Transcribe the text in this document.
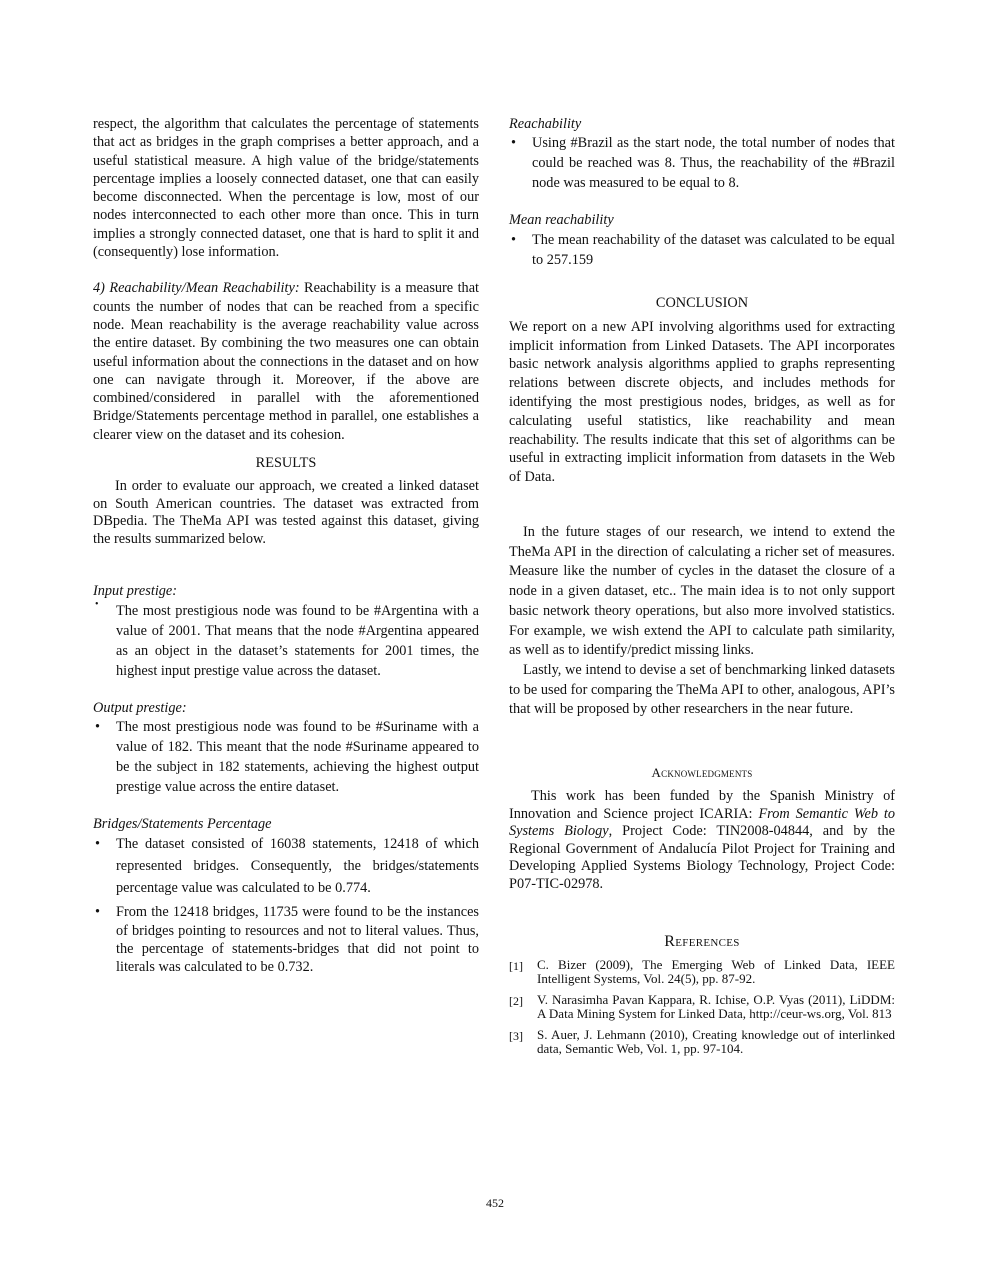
respect, the algorithm that calculates the percentage of statements that act as bridges in the graph comprises a better approach, and a useful statistical measure. A high value of the bridge/statements percentage implies a loosely connected dataset, one that can easily become disconnected. When the percentage is low, most of our nodes interconnected to each other more than once. This in turn implies a strongly connected dataset, one that is hard to split it and (consequently) lose information.

4) Reachability/Mean Reachability: Reachability is a measure that counts the number of nodes that can be reached from a specific node. Mean reachability is the average reachability value across the entire dataset. By combining the two measures one can obtain useful information about the connections in the dataset and on how one can navigate through it. Moreover, if the above are combined/considered in parallel with the aforementioned Bridge/Statements percentage method in parallel, one establishes a clearer view on the dataset and its cohesion.

RESULTS

In order to evaluate our approach, we created a linked dataset on South American countries. The dataset was extracted from DBpedia. The TheMa API was tested against this dataset, giving the results summarized below.

Input prestige:

• The most prestigious node was found to be #Argentina with a value of 2001. That means that the node #Argentina appeared as an object in the dataset’s statements for 2001 times, the highest input prestige value across the dataset.

Output prestige:

• The most prestigious node was found to be #Suriname with a value of 182. This meant that the node #Suriname appeared to be the subject in 182 statements, achieving the highest output prestige value across the entire dataset.

Bridges/Statements Percentage

• The dataset consisted of 16038 statements, 12418 of which represented bridges. Consequently, the bridges/statements percentage value was calculated to be 0.774.
• From the 12418 bridges, 11735 were found to be the instances of bridges pointing to resources and not to literal values. Thus, the percentage of statements-bridges that did not point to literals was calculated to be 0.732.

Reachability

• Using #Brazil as the start node, the total number of nodes that could be reached was 8. Thus, the reachability of the #Brazil node was measured to be equal to 8.

Mean reachability

• The mean reachability of the dataset was calculated to be equal to 257.159

CONCLUSION

We report on a new API involving algorithms used for extracting implicit information from Linked Datasets. The API incorporates basic network analysis algorithms applied to graphs representing relations between discrete objects, and includes methods for identifying the most prestigious nodes, bridges, as well as for calculating useful statistics, like reachability and mean reachability. The results indicate that this set of algorithms can be useful in extracting implicit information from datasets in the Web of Data.

In the future stages of our research, we intend to extend the TheMa API in the direction of calculating a richer set of measures. Measure like the number of cycles in the dataset the closure of a node in a given dataset, etc.. The main idea is to not only support basic network theory operations, but also more involved statistics. For example, we wish extend the API to calculate path similarity, as well as to identify/predict missing links.

Lastly, we intend to devise a set of benchmarking linked datasets to be used for comparing the TheMa API to other, analogous, API’s that will be proposed by other researchers in the near future.

Acknowledgments

This work has been funded by the Spanish Ministry of Innovation and Science project ICARIA: From Semantic Web to Systems Biology, Project Code: TIN2008-04844, and by the Regional Government of Andalucía Pilot Project for Training and Developing Applied Systems Biology Technology, Project Code: P07-TIC-02978.

References

[1] C. Bizer (2009), The Emerging Web of Linked Data, IEEE Intelligent Systems, Vol. 24(5), pp. 87-92.
[2] V. Narasimha Pavan Kappara, R. Ichise, O.P. Vyas (2011), LiDDM: A Data Mining System for Linked Data, http://ceur-ws.org, Vol. 813
[3] S. Auer, J. Lehmann (2010), Creating knowledge out of interlinked data, Semantic Web, Vol. 1, pp. 97-104.
452
